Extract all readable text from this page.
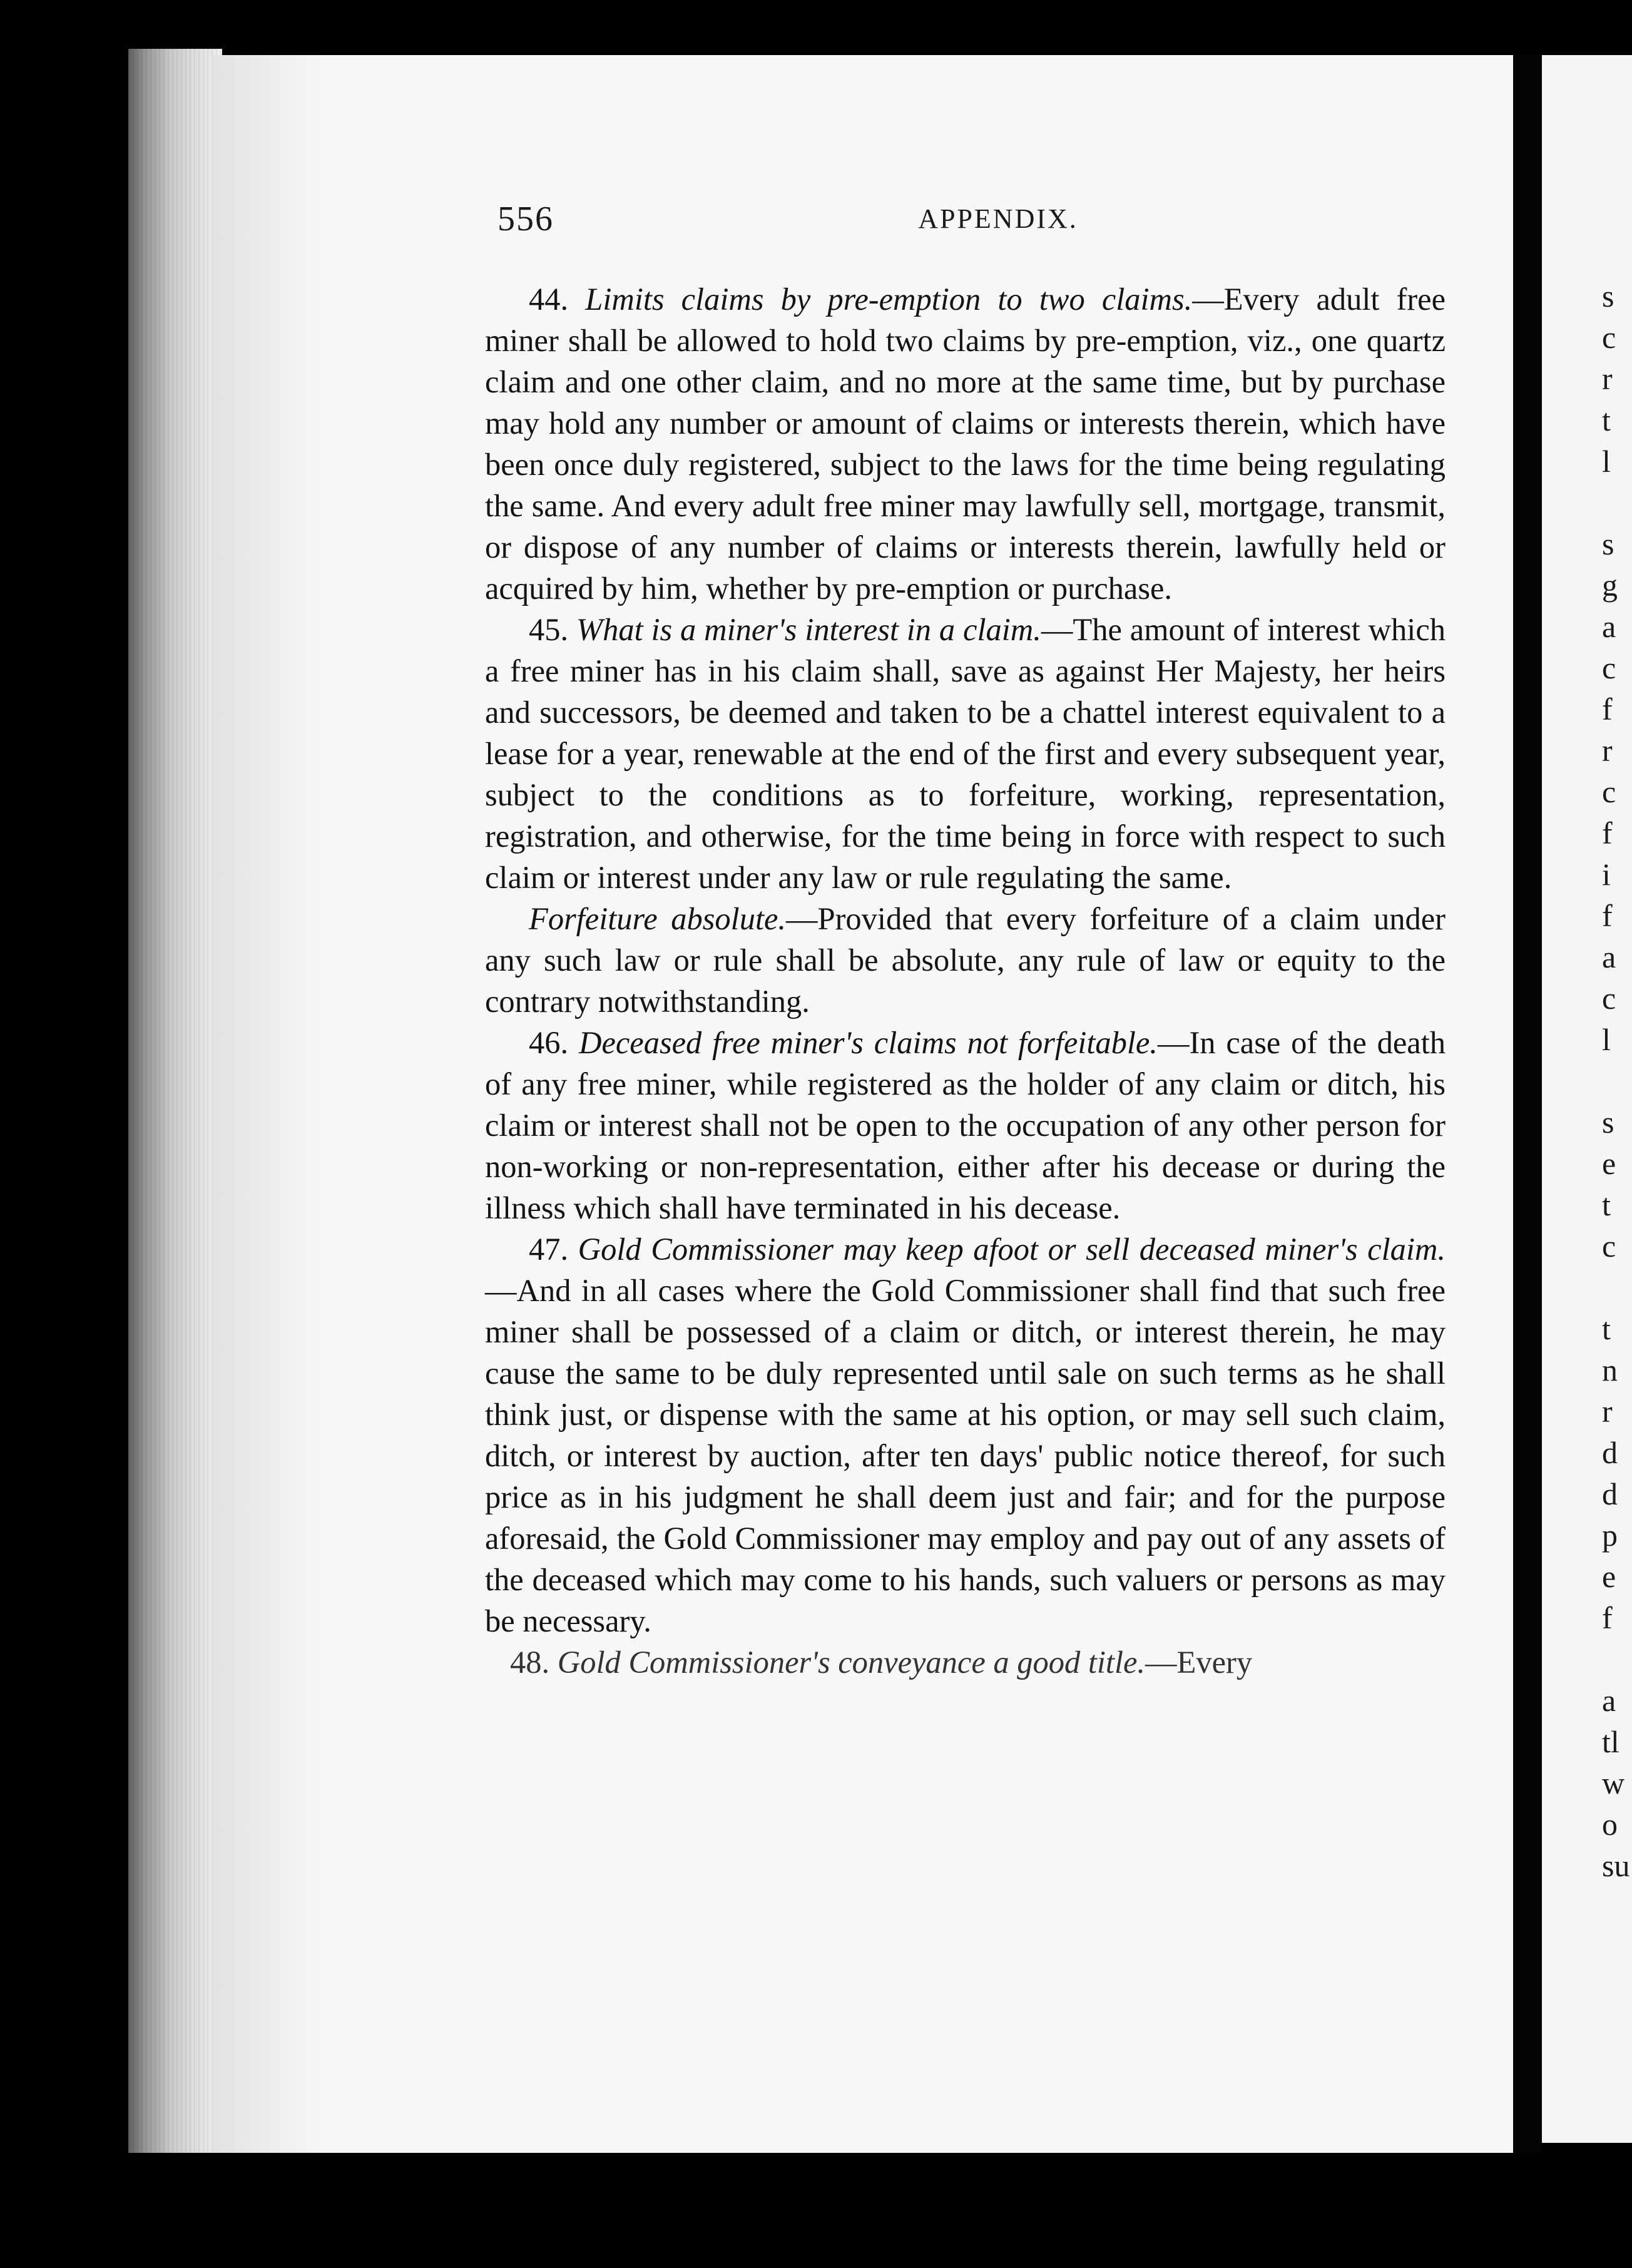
556	APPENDIX.

44. Limits claims by pre-emption to two claims.—Every adult free miner shall be allowed to hold two claims by pre-emption, viz., one quartz claim and one other claim, and no more at the same time, but by purchase may hold any number or amount of claims or interests therein, which have been once duly registered, subject to the laws for the time being regulating the same. And every adult free miner may lawfully sell, mortgage, transmit, or dispose of any number of claims or interests therein, lawfully held or acquired by him, whether by pre-emption or purchase.

45. What is a miner's interest in a claim.—The amount of interest which a free miner has in his claim shall, save as against Her Majesty, her heirs and successors, be deemed and taken to be a chattel interest equivalent to a lease for a year, renewable at the end of the first and every subsequent year, subject to the conditions as to forfeiture, working, representation, registration, and otherwise, for the time being in force with respect to such claim or interest under any law or rule regulating the same.

Forfeiture absolute.—Provided that every forfeiture of a claim under any such law or rule shall be absolute, any rule of law or equity to the contrary notwithstanding.

46. Deceased free miner's claims not forfeitable.—In case of the death of any free miner, while registered as the holder of any claim or ditch, his claim or interest shall not be open to the occupation of any other person for non-working or non-representation, either after his decease or during the illness which shall have terminated in his decease.

47. Gold Commissioner may keep afoot or sell deceased miner's claim.—And in all cases where the Gold Commissioner shall find that such free miner shall be possessed of a claim or ditch, or interest therein, he may cause the same to be duly represented until sale on such terms as he shall think just, or dispense with the same at his option, or may sell such claim, ditch, or interest by auction, after ten days' public notice thereof, for such price as in his judgment he shall deem just and fair; and for the purpose aforesaid, the Gold Commissioner may employ and pay out of any assets of the deceased which may come to his hands, such valuers or persons as may be necessary.

48. Gold Commissioner's conveyance a good title.—Every

s
c
r
t
l
s
g
a
c
f
r
c
f
i
f
a
c
l
s
e
t
c
t
n
r
d
d
p
e
f
a
tl
w
o
su
